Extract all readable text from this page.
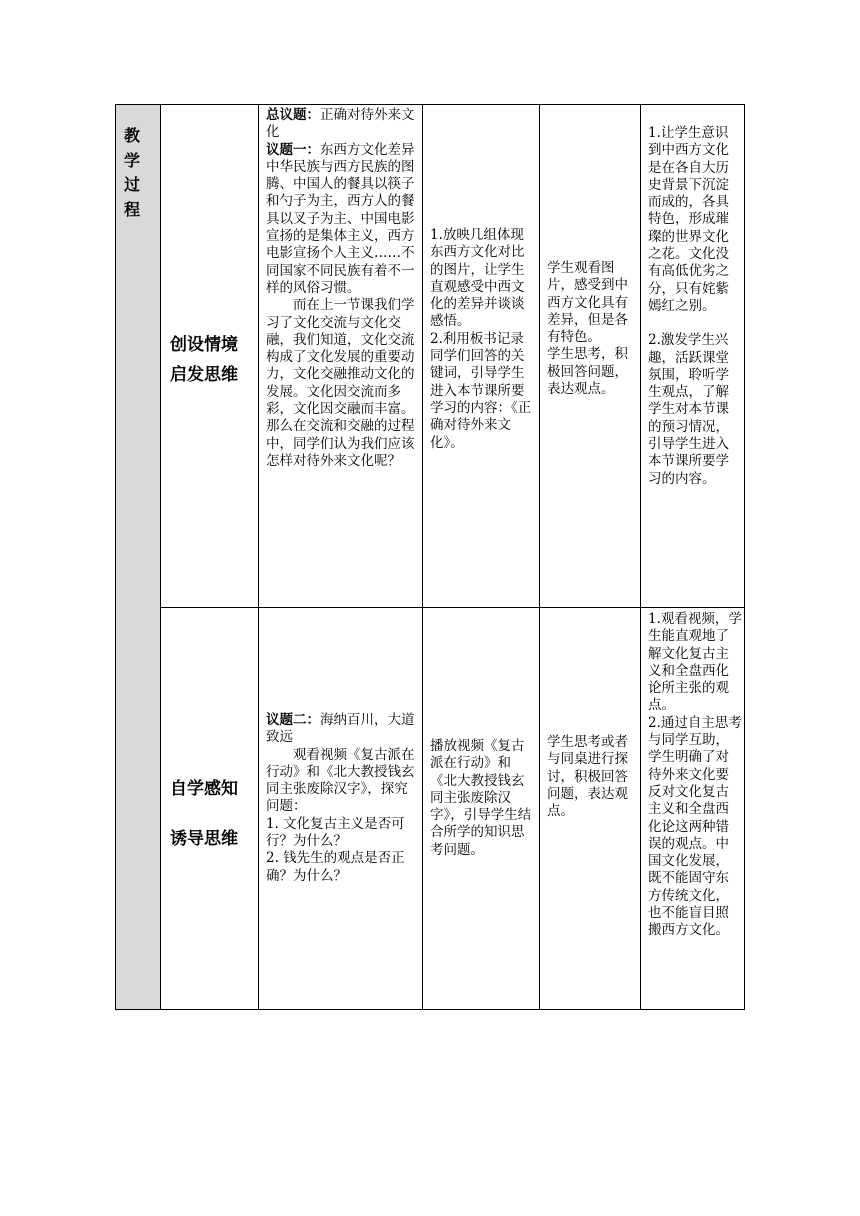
教学过程
创设情境
启发思维

总议题：正确对待外来文化

议题一：东西方文化差异

中华民族与西方民族的图腾、中国人的餐具以筷子和勺子为主，西方人的餐具以叉子为主、中国电影宣扬的是集体主义，西方电影宣扬个人主义……不同国家不同民族有着不一样的风俗习惯。

而在上一节课我们学习了文化交流与文化交融，我们知道，文化交流构成了文化发展的重要动力，文化交融推动文化的发展。文化因交流而多彩，文化因交融而丰富。那么在交流和交融的过程中，同学们认为我们应该怎样对待外来文化呢？

1.放映几组体现东西方文化对比的图片，让学生直观感受中西文化的差异并谈谈感悟。

2.利用板书记录同学们回答的关键词，引导学生进入本节课所要学习的内容：《正确对待外来文化》。

学生观看图片，感受到中西方文化具有差异，但是各有特色。

学生思考，积极回答问题，表达观点。

1.让学生意识到中西方文化是在各自大历史背景下沉淀而成的，各具特色，形成璀璨的世界文化之花。文化没有高低优劣之分，只有姹紫嫣红之别。

2.激发学生兴趣，活跃课堂氛围，聆听学生观点，了解学生对本节课的预习情况，引导学生进入本节课所要学习的内容。

自学感知
诱导思维

议题二：海纳百川，大道致远

观看视频《复古派在行动》和《北大教授钱玄同主张废除汉字》，探究问题：

1. 文化复古主义是否可行？为什么？

2. 钱先生的观点是否正确？为什么？

播放视频《复古派在行动》和《北大教授钱玄同主张废除汉字》，引导学生结合所学的知识思考问题。

学生思考或者与同桌进行探讨，积极回答问题，表达观点。

1.观看视频，学生能直观地了解文化复古主义和全盘西化论所主张的观点。

2.通过自主思考与同学互助，学生明确了对待外来文化要反对文化复古主义和全盘西化论这两种错误的观点。中国文化发展，既不能固守东方传统文化，也不能盲目照搬西方文化。
